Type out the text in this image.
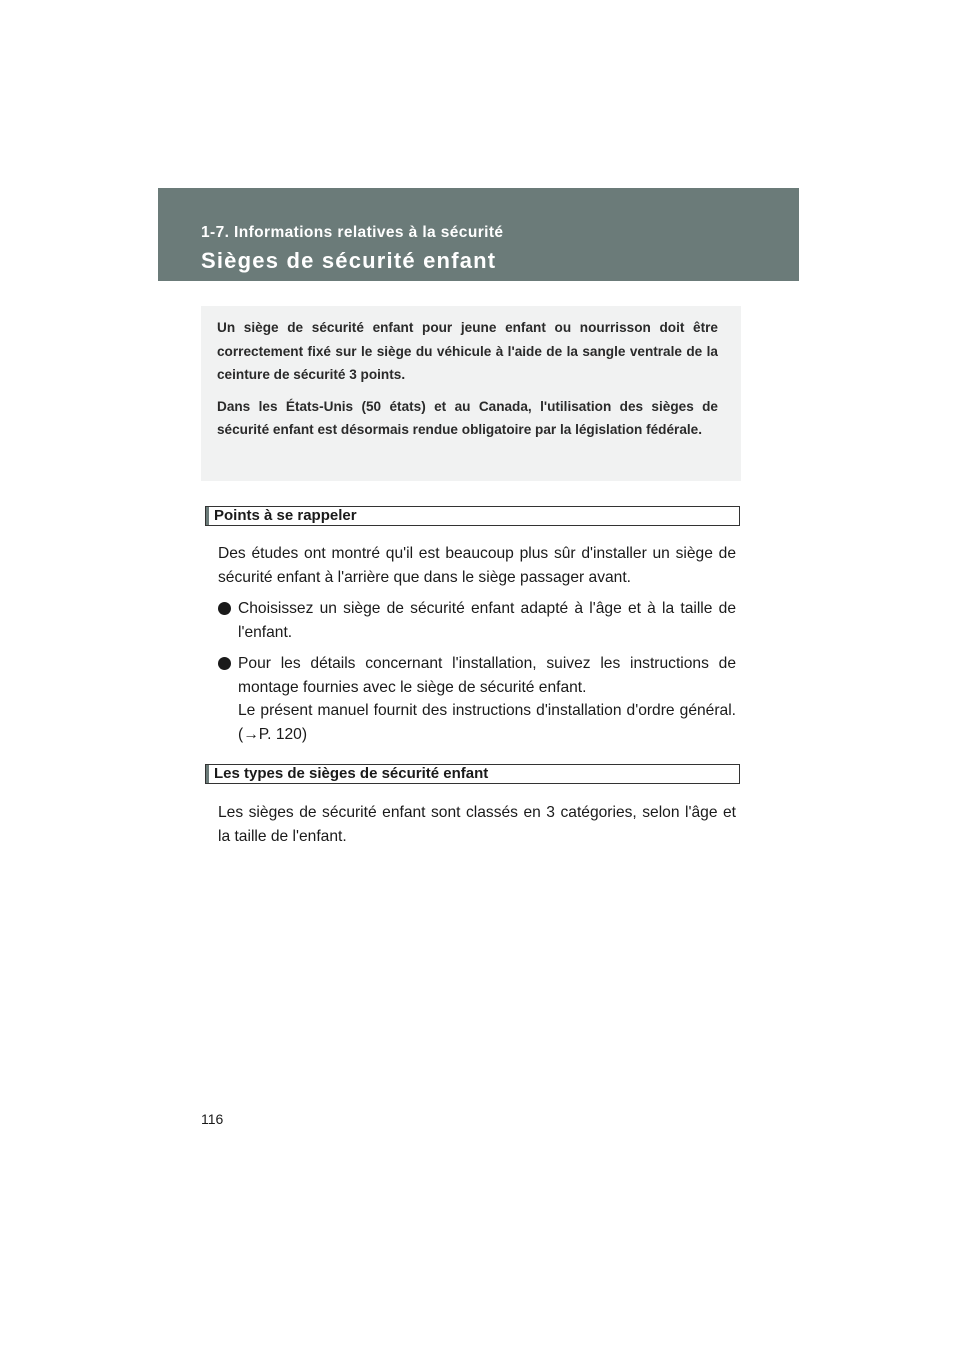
1-7. Informations relatives à la sécurité
Sièges de sécurité enfant

Un siège de sécurité enfant pour jeune enfant ou nourrisson doit être correctement fixé sur le siège du véhicule à l'aide de la sangle ventrale de la ceinture de sécurité 3 points.

Dans les États-Unis (50 états) et au Canada, l'utilisation des sièges de sécurité enfant est désormais rendue obligatoire par la législation fédérale.

Points à se rappeler

Des études ont montré qu'il est beaucoup plus sûr d'installer un siège de sécurité enfant à l'arrière que dans le siège passager avant.

Choisissez un siège de sécurité enfant adapté à l'âge et à la taille de l'enfant.

Pour les détails concernant l'installation, suivez les instructions de montage fournies avec le siège de sécurité enfant.

Le présent manuel fournit des instructions d'installation d'ordre général. (→P. 120)

Les types de sièges de sécurité enfant

Les sièges de sécurité enfant sont classés en 3 catégories, selon l'âge et la taille de l'enfant.

116
